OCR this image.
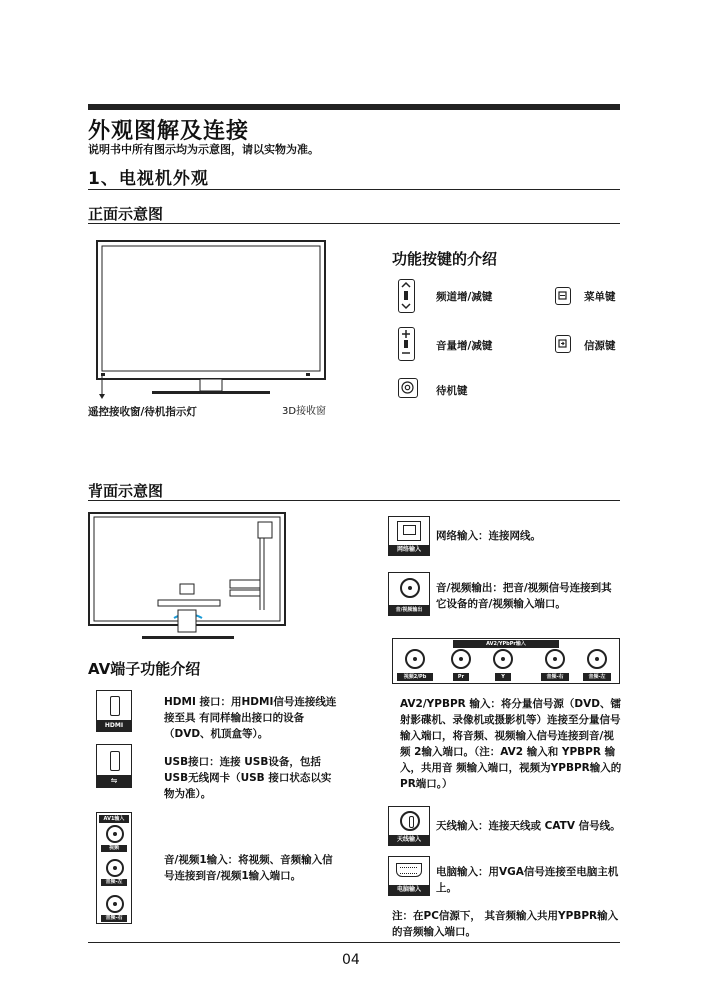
外观图解及连接
说明书中所有图示均为示意图，请以实物为准。
1、电视机外观
正面示意图
遥控接收窗/待机指示灯	3D接收窗
功能按键的介绍
频道增/减键	菜单键
音量增/减键	信源键
待机键
背面示意图
AV端子功能介绍
HDMI
HDMI 接口：用HDMI信号连接线连接至具 有同样输出接口的设备（DVD、机顶盒等）。
⇋
USB接口：连接 USB设备，包括 USB无线网卡（USB 接口状态以实物为准）。
AV1输入
视频
音频-左
音频-右
音/视频1输入：将视频、音频输入信号连接到音/视频1输入端口。
网络输入
网络输入：连接网线。
音/视频输出
音/视频输出：把音/视频信号连接到其它设备的音/视频输入端口。
AV2/YPbPr输入
视频2/Pb	Pr	Y	音频-右	音频-左
AV2/YPBPR 输入：将分量信号源（DVD、镭射影碟机、录像机或摄影机等）连接至分量信号输入端口，将音频、视频输入信号连接到音/视频 2输入端口。（注：AV2 输入和 YPBPR 输入，共用音 频输入端口，视频为YPBPR输入的PR端口。）
天线输入
天线输入：连接天线或 CATV 信号线。
电脑输入
电脑输入：用VGA信号连接至电脑主机上。
注：在PC信源下， 其音频输入共用YPBPR输入的音频输入端口。
04
